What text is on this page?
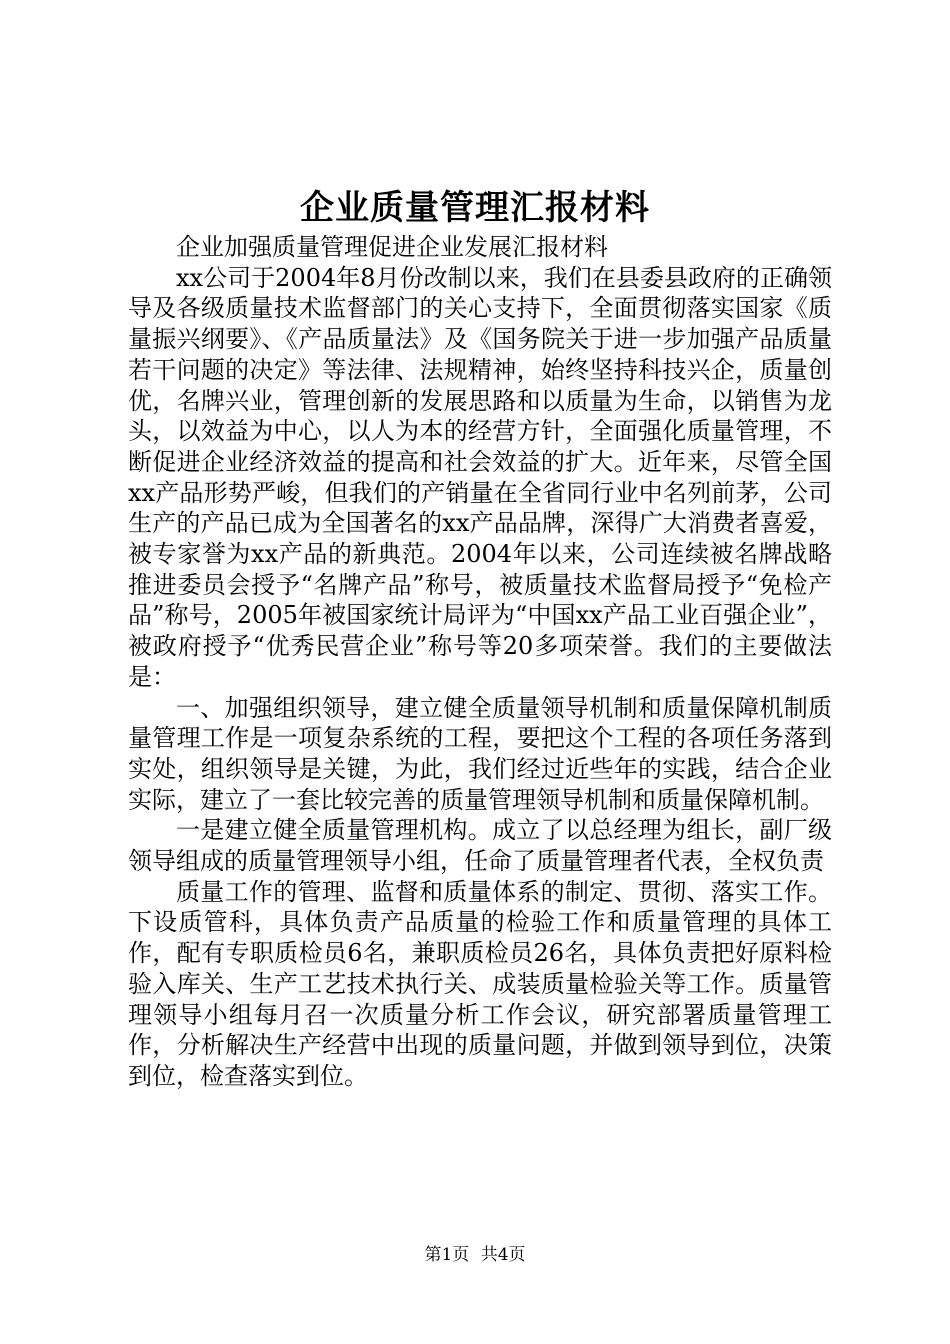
企业质量管理汇报材料

企业加强质量管理促进企业发展汇报材料

xx公司于2004年8月份改制以来，我们在县委县政府的正确领导及各级质量技术监督部门的关心支持下，全面贯彻落实国家《质量振兴纲要》、《产品质量法》及《国务院关于进一步加强产品质量若干问题的决定》等法律、法规精神，始终坚持科技兴企，质量创优，名牌兴业，管理创新的发展思路和以质量为生命，以销售为龙头，以效益为中心，以人为本的经营方针，全面强化质量管理，不断促进企业经济效益的提高和社会效益的扩大。近年来，尽管全国xx产品形势严峻，但我们的产销量在全省同行业中名列前茅，公司生产的产品已成为全国著名的xx产品品牌，深得广大消费者喜爱，被专家誉为xx产品的新典范。2004年以来，公司连续被名牌战略推进委员会授予“名牌产品”称号，被质量技术监督局授予“免检产品”称号，2005年被国家统计局评为“中国xx产品工业百强企业”，被政府授予“优秀民营企业”称号等20多项荣誉。我们的主要做法是：

一、加强组织领导，建立健全质量领导机制和质量保障机制质量管理工作是一项复杂系统的工程，要把这个工程的各项任务落到实处，组织领导是关键，为此，我们经过近些年的实践，结合企业实际，建立了一套比较完善的质量管理领导机制和质量保障机制。

一是建立健全质量管理机构。成立了以总经理为组长，副厂级领导组成的质量管理领导小组，任命了质量管理者代表，全权负责

质量工作的管理、监督和质量体系的制定、贯彻、落实工作。下设质管科，具体负责产品质量的检验工作和质量管理的具体工作，配有专职质检员6名，兼职质检员26名，具体负责把好原料检验入库关、生产工艺技术执行关、成装质量检验关等工作。质量管理领导小组每月召一次质量分析工作会议，研究部署质量管理工作，分析解决生产经营中出现的质量问题，并做到领导到位，决策到位，检查落实到位。

第1页 共4页
